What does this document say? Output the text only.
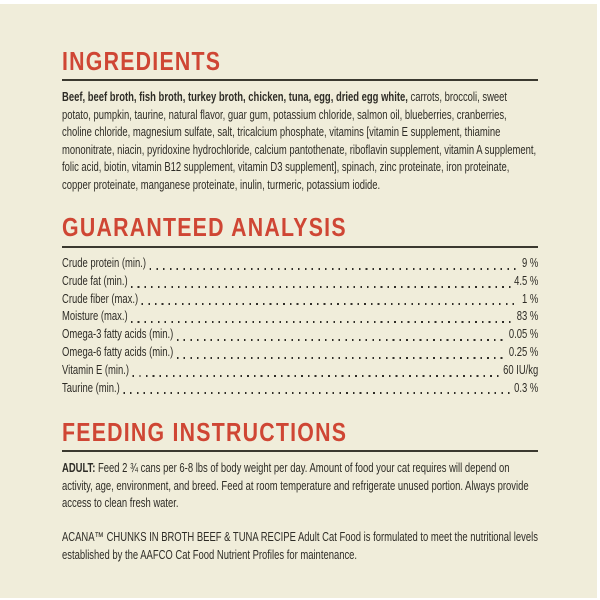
INGREDIENTS
Beef, beef broth, fish broth, turkey broth, chicken, tuna, egg, dried egg white, carrots, broccoli, sweet potato, pumpkin, taurine, natural flavor, guar gum, potassium chloride, salmon oil, blueberries, cranberries, choline chloride, magnesium sulfate, salt, tricalcium phosphate, vitamins [vitamin E supplement, thiamine mononitrate, niacin, pyridoxine hydrochloride, calcium pantothenate, riboflavin supplement, vitamin A supplement, folic acid, biotin, vitamin B12 supplement, vitamin D3 supplement], spinach, zinc proteinate, iron proteinate, copper proteinate, manganese proteinate, inulin, turmeric, potassium iodide.
GUARANTEED ANALYSIS
Crude protein (min.)	9 %
Crude fat (min.)	4.5 %
Crude fiber (max.)	1 %
Moisture (max.)	83 %
Omega-3 fatty acids (min.)	0.05 %
Omega-6 fatty acids (min.)	0.25 %
Vitamin E (min.)	60 IU/kg
Taurine (min.)	0.3 %
FEEDING INSTRUCTIONS
ADULT: Feed 2 ¾ cans per 6-8 lbs of body weight per day. Amount of food your cat requires will depend on activity, age, environment, and breed. Feed at room temperature and refrigerate unused portion. Always provide access to clean fresh water.
ACANA™ CHUNKS IN BROTH BEEF & TUNA RECIPE Adult Cat Food is formulated to meet the nutritional levels established by the AAFCO Cat Food Nutrient Profiles for maintenance.
